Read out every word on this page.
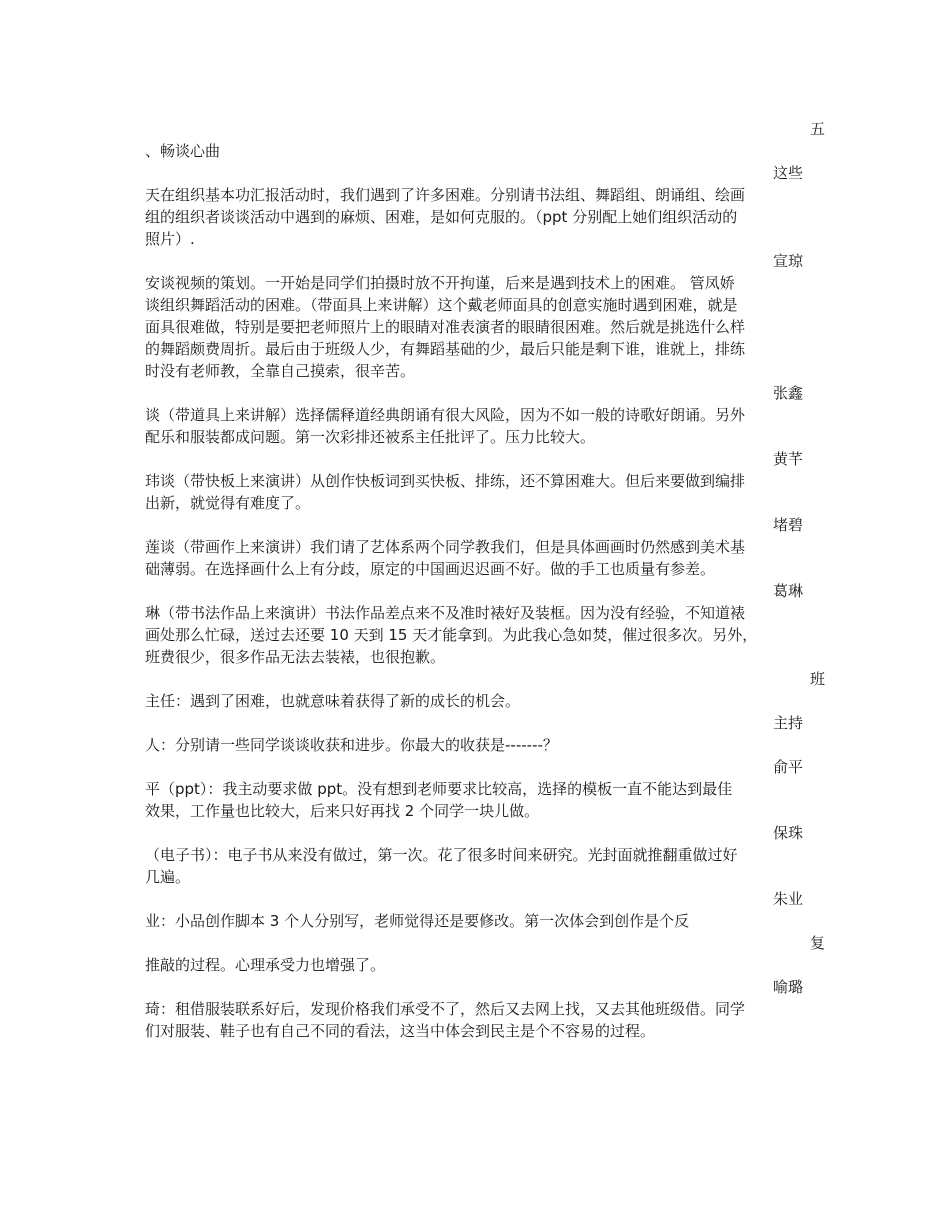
五
、畅谈心曲
这些
天在组织基本功汇报活动时，我们遇到了许多困难。分别请书法组、舞蹈组、朗诵组、绘画
组的组织者谈谈活动中遇到的麻烦、困难，是如何克服的。（ppt 分别配上她们组织活动的
照片）.
宣琼
安谈视频的策划。一开始是同学们拍摄时放不开拘谨，后来是遇到技术上的困难。 管凤娇
谈组织舞蹈活动的困难。（带面具上来讲解）这个戴老师面具的创意实施时遇到困难，就是
面具很难做，特别是要把老师照片上的眼睛对准表演者的眼睛很困难。然后就是挑选什么样
的舞蹈颇费周折。最后由于班级人少，有舞蹈基础的少，最后只能是剩下谁，谁就上，排练
时没有老师教，全靠自己摸索，很辛苦。
张鑫
谈（带道具上来讲解）选择儒释道经典朗诵有很大风险，因为不如一般的诗歌好朗诵。另外
配乐和服装都成问题。第一次彩排还被系主任批评了。压力比较大。
黄芊
玮谈（带快板上来演讲）从创作快板词到买快板、排练，还不算困难大。但后来要做到编排
出新，就觉得有难度了。
堵碧
莲谈（带画作上来演讲）我们请了艺体系两个同学教我们，但是具体画画时仍然感到美术基
础薄弱。在选择画什么上有分歧，原定的中国画迟迟画不好。做的手工也质量有参差。
葛琳
琳（带书法作品上来演讲）书法作品差点来不及准时裱好及装框。因为没有经验，不知道裱
画处那么忙碌，送过去还要 10 天到 15 天才能拿到。为此我心急如焚，催过很多次。另外，
班费很少，很多作品无法去装裱，也很抱歉。
班
主任：遇到了困难，也就意味着获得了新的成长的机会。
主持
人：分别请一些同学谈谈收获和进步。你最大的收获是-------？
俞平
平（ppt）：我主动要求做 ppt。没有想到老师要求比较高，选择的模板一直不能达到最佳
效果，工作量也比较大，后来只好再找 2 个同学一块儿做。
保珠
（电子书）：电子书从来没有做过，第一次。花了很多时间来研究。光封面就推翻重做过好
几遍。
朱业
业：小品创作脚本 3 个人分别写，老师觉得还是要修改。第一次体会到创作是个反
复
推敲的过程。心理承受力也增强了。
喻璐
琦：租借服装联系好后，发现价格我们承受不了，然后又去网上找，又去其他班级借。同学
们对服装、鞋子也有自己不同的看法，这当中体会到民主是个不容易的过程。
